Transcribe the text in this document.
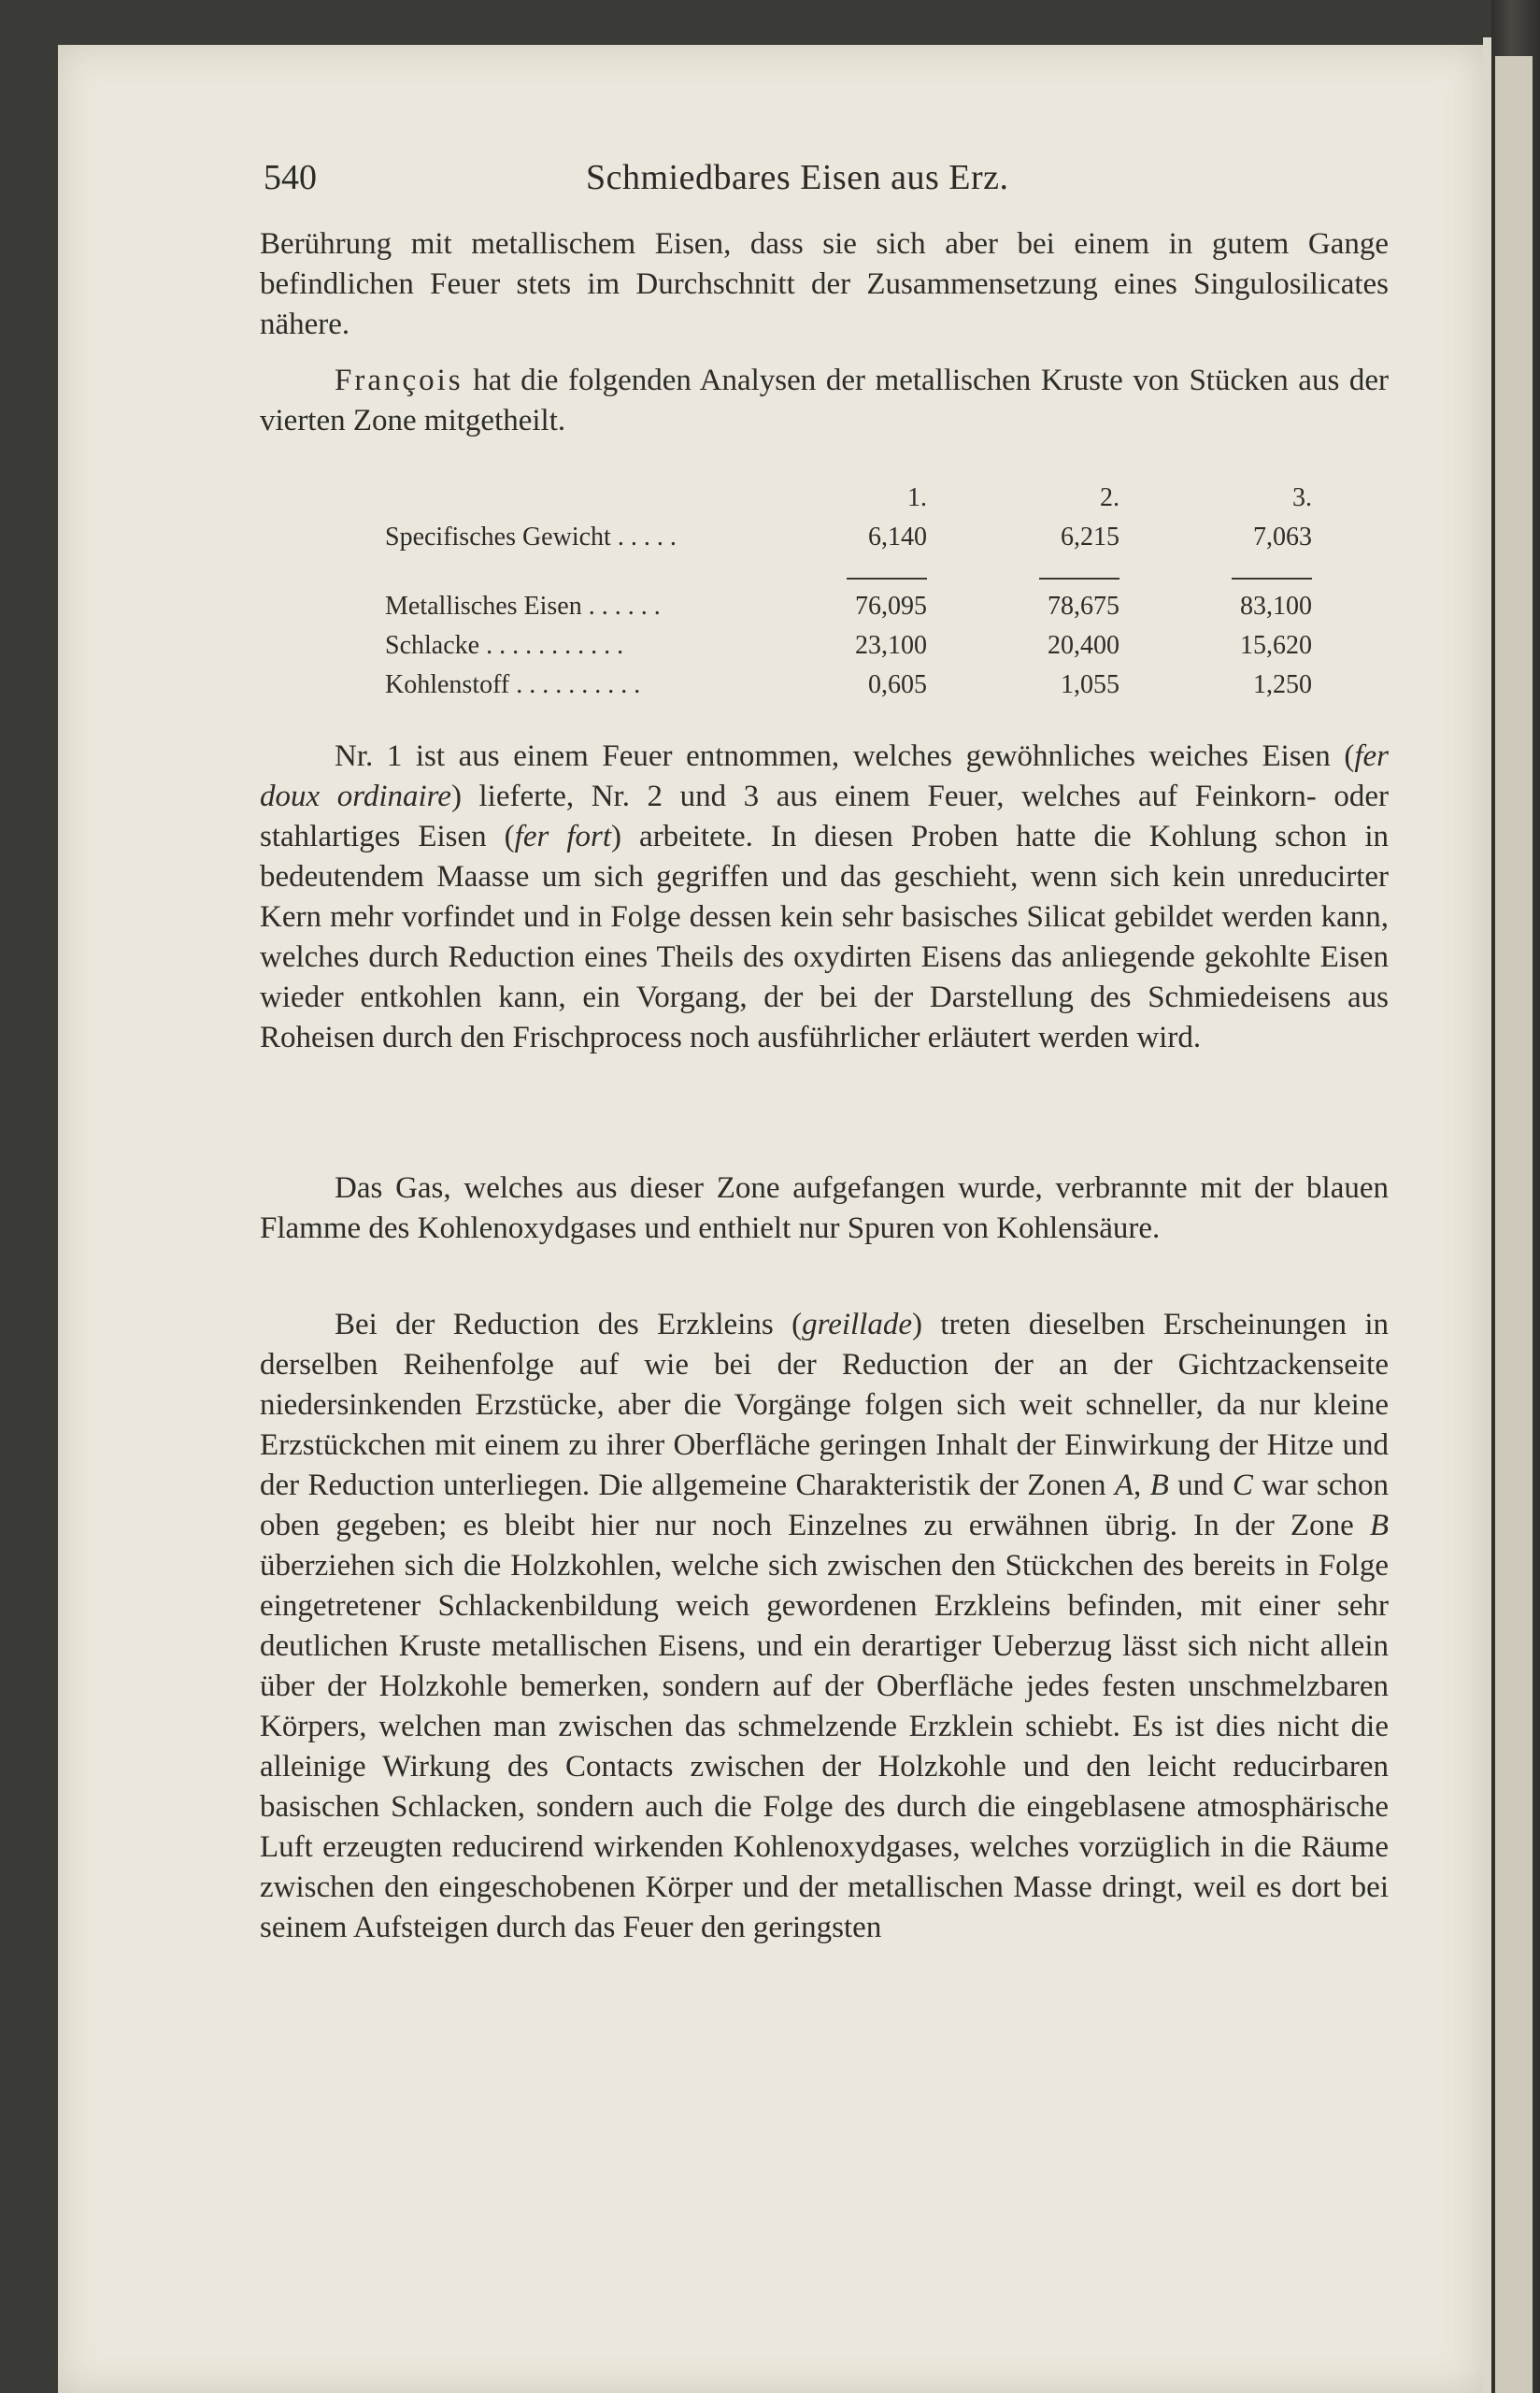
540	Schmiedbares Eisen aus Erz.

Berührung mit metallischem Eisen, dass sie sich aber bei einem in gutem Gange befindlichen Feuer stets im Durchschnitt der Zusammensetzung eines Singulosilicates nähere.

François hat die folgenden Analysen der metallischen Kruste von Stücken aus der vierten Zone mitgetheilt.

	1.	2.	3.
Specifisches Gewicht . . . . .	6,140	6,215	7,063

Metallisches Eisen . . . . . .	76,095	78,675	83,100
Schlacke . . . . . . . . . . .	23,100	20,400	15,620
Kohlenstoff . . . . . . . . . .	0,605	1,055	1,250

Nr. 1 ist aus einem Feuer entnommen, welches gewöhnliches weiches Eisen (fer doux ordinaire) lieferte, Nr. 2 und 3 aus einem Feuer, welches auf Feinkorn- oder stahlartiges Eisen (fer fort) arbeitete. In diesen Proben hatte die Kohlung schon in bedeutendem Maasse um sich gegriffen und das geschieht, wenn sich kein unreducirter Kern mehr vorfindet und in Folge dessen kein sehr basisches Silicat gebildet werden kann, welches durch Reduction eines Theils des oxydirten Eisens das anliegende gekohlte Eisen wieder entkohlen kann, ein Vorgang, der bei der Darstellung des Schmiedeisens aus Roheisen durch den Frischprocess noch ausführlicher erläutert werden wird.

Das Gas, welches aus dieser Zone aufgefangen wurde, verbrannte mit der blauen Flamme des Kohlenoxydgases und enthielt nur Spuren von Kohlensäure.

Bei der Reduction des Erzkleins (greillade) treten dieselben Erscheinungen in derselben Reihenfolge auf wie bei der Reduction der an der Gichtzackenseite niedersinkenden Erzstücke, aber die Vorgänge folgen sich weit schneller, da nur kleine Erzstückchen mit einem zu ihrer Oberfläche geringen Inhalt der Einwirkung der Hitze und der Reduction unterliegen. Die allgemeine Charakteristik der Zonen A, B und C war schon oben gegeben; es bleibt hier nur noch Einzelnes zu erwähnen übrig. In der Zone B überziehen sich die Holzkohlen, welche sich zwischen den Stückchen des bereits in Folge eingetretener Schlackenbildung weich gewordenen Erzkleins befinden, mit einer sehr deutlichen Kruste metallischen Eisens, und ein derartiger Ueberzug lässt sich nicht allein über der Holzkohle bemerken, sondern auf der Oberfläche jedes festen unschmelzbaren Körpers, welchen man zwischen das schmelzende Erzklein schiebt. Es ist dies nicht die alleinige Wirkung des Contacts zwischen der Holzkohle und den leicht reducirbaren basischen Schlacken, sondern auch die Folge des durch die eingeblasene atmosphärische Luft erzeugten reducirend wirkenden Kohlenoxydgases, welches vorzüglich in die Räume zwischen den eingeschobenen Körper und der metallischen Masse dringt, weil es dort bei seinem Aufsteigen durch das Feuer den geringsten
